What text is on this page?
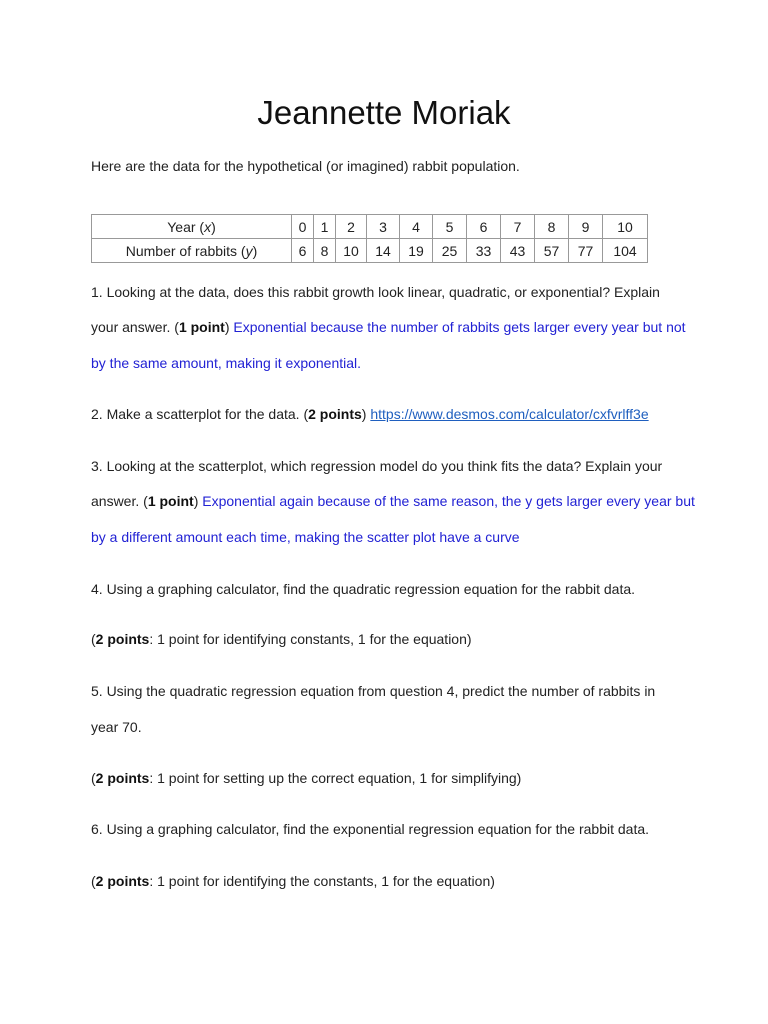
Jeannette Moriak
Here are the data for the hypothetical (or imagined) rabbit population.
Year (x)	0	1	2	3	4	5	6	7	8	9	10
Number of rabbits (y)	6	8	10	14	19	25	33	43	57	77	104
1. Looking at the data, does this rabbit growth look linear, quadratic, or exponential? Explain
your answer. (1 point) Exponential because the number of rabbits gets larger every year but not
by the same amount, making it exponential.
2. Make a scatterplot for the data. (2 points) https://www.desmos.com/calculator/cxfvrlff3e
3. Looking at the scatterplot, which regression model do you think fits the data? Explain your
answer. (1 point) Exponential again because of the same reason, the y gets larger every year but
by a different amount each time, making the scatter plot have a curve
4. Using a graphing calculator, find the quadratic regression equation for the rabbit data.
(2 points: 1 point for identifying constants, 1 for the equation)
5. Using the quadratic regression equation from question 4, predict the number of rabbits in
year 70.
(2 points: 1 point for setting up the correct equation, 1 for simplifying)
6. Using a graphing calculator, find the exponential regression equation for the rabbit data.
(2 points: 1 point for identifying the constants, 1 for the equation)
